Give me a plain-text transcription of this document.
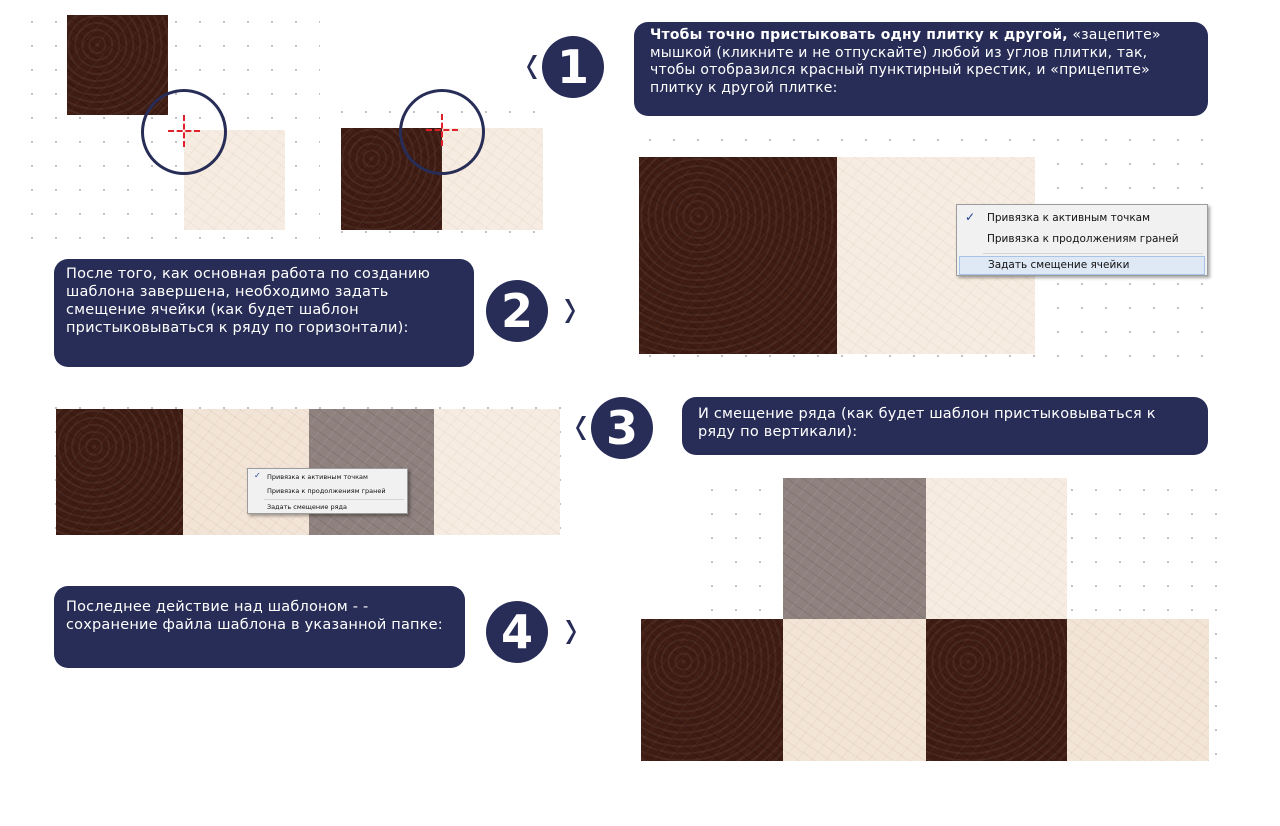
1
Чтобы точно пристыковать одну плитку к другой, «зацепите» мышкой (кликните и не отпускайте) любой из углов плитки, так, чтобы отобразился красный пунктирный крестик, и «прицепите» плитку к другой плитке:
✓ Привязка к активным точкам
Привязка к продолжениям граней
Задать смещение ячейки
После того, как основная работа по созданию шаблона завершена, необходимо задать смещение ячейки (как будет шаблон пристыковываться к ряду по горизонтали):	2
✓ Привязка к активным точкам
Привязка к продолжениям граней
Задать смещение ряда
3	И смещение ряда (как будет шаблон пристыковываться к ряду по вертикали):
Последнее действие над шаблоном - - сохранение файла шаблона в указанной папке:	4
